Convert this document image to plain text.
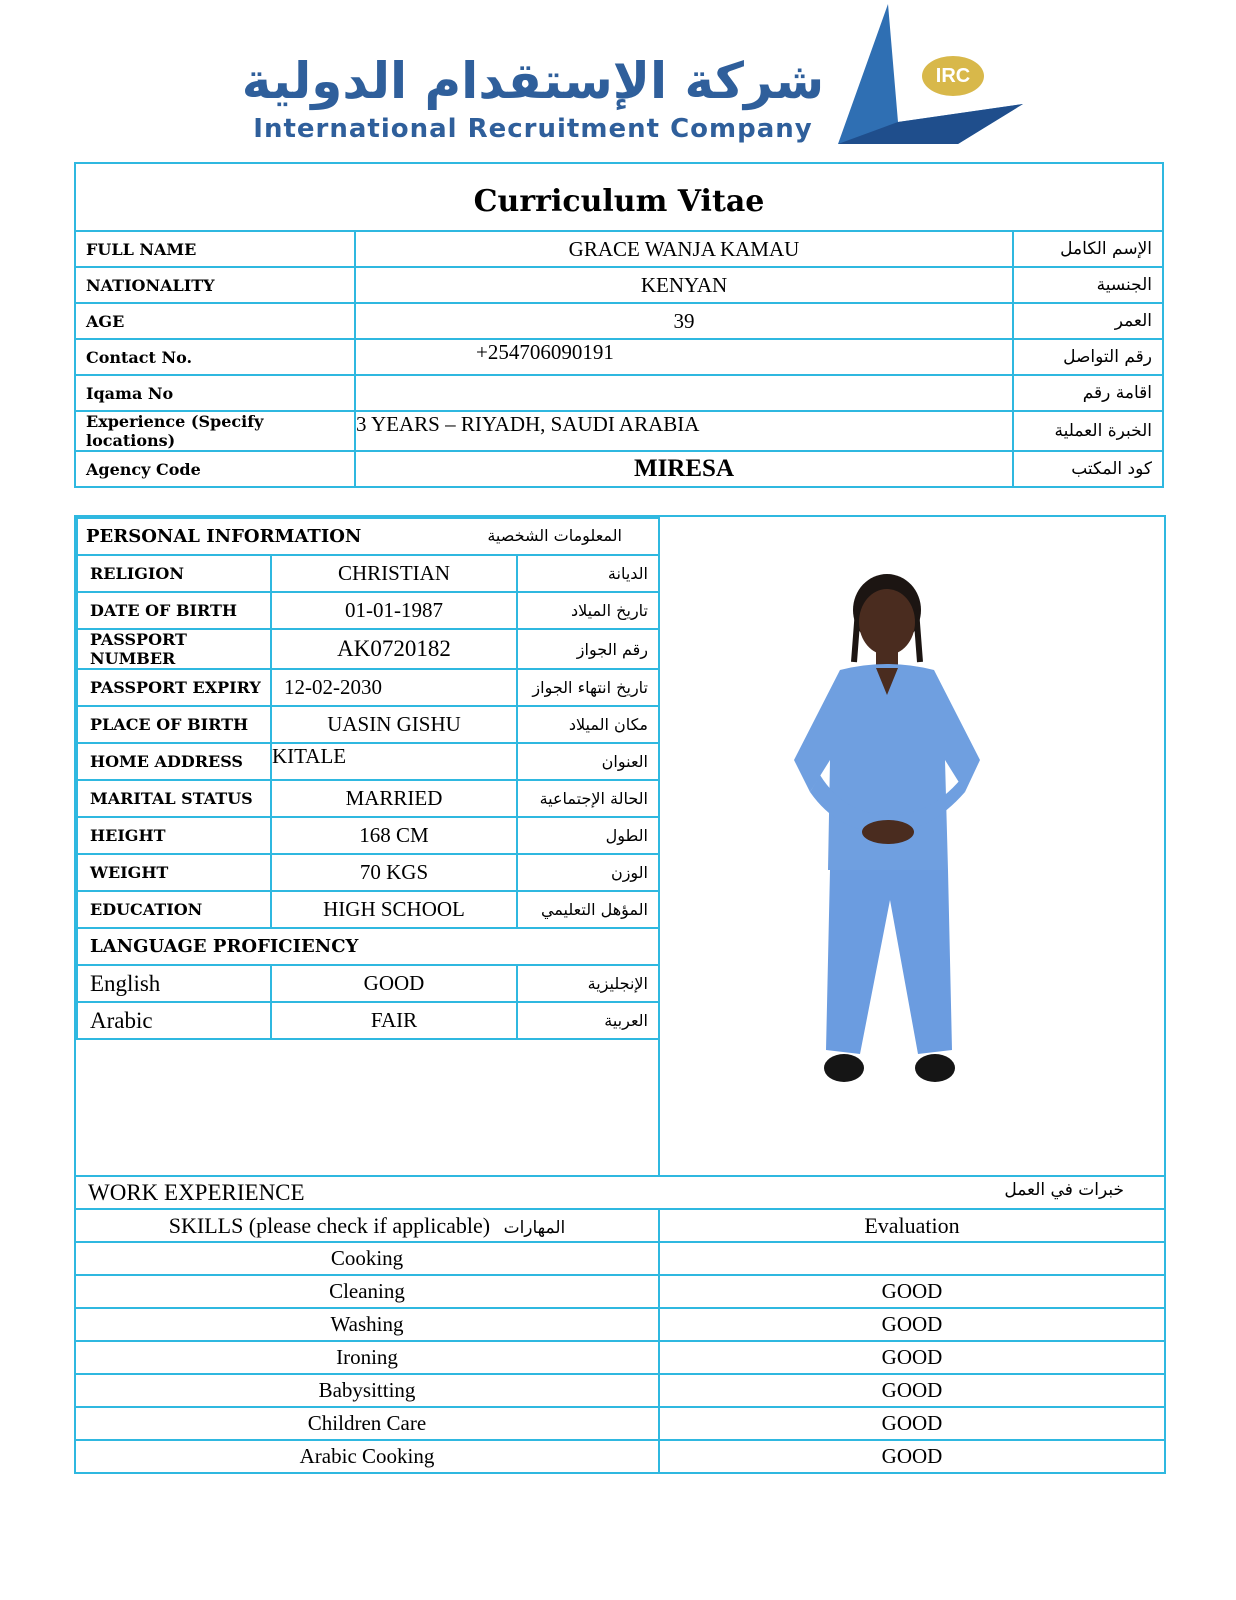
شركة الإستقدام الدولية
International Recruitment Company
IRC
Curriculum Vitae		
FULL NAME	GRACE WANJA KAMAU	الإسم الكامل
NATIONALITY	KENYAN	الجنسية
AGE	39	العمر
Contact No.	+254706090191	رقم التواصل
Iqama No		اقامة رقم
Experience (Specify locations)	3 YEARS – RIYADH, SAUDI ARABIA	الخبرة العملية
Agency Code	MIRESA	كود المكتب
PERSONAL INFORMATION المعلومات الشخصية		

RELIGION	CHRISTIAN	الديانة
DATE OF BIRTH	01-01-1987	تاريخ الميلاد
PASSPORT NUMBER	AK0720182	رقم الجواز
PASSPORT EXPIRY	12-02-2030	تاريخ انتهاء الجواز
PLACE OF BIRTH	UASIN GISHU	مكان الميلاد
HOME ADDRESS	KITALE	العنوان
MARITAL STATUS	MARRIED	الحالة الإجتماعية
HEIGHT	168 CM	الطول
WEIGHT	70 KGS	الوزن
EDUCATION	HIGH SCHOOL	المؤهل التعليمي
LANGUAGE PROFICIENCY		
English	GOOD	الإنجليزية
Arabic	FAIR	العربية
WORK EXPERIENCE خبرات في العمل	

SKILLS (please check if applicable) المهارات	Evaluation
Cooking	
Cleaning	GOOD
Washing	GOOD
Ironing	GOOD
Babysitting	GOOD
Children Care	GOOD
Arabic Cooking	GOOD
